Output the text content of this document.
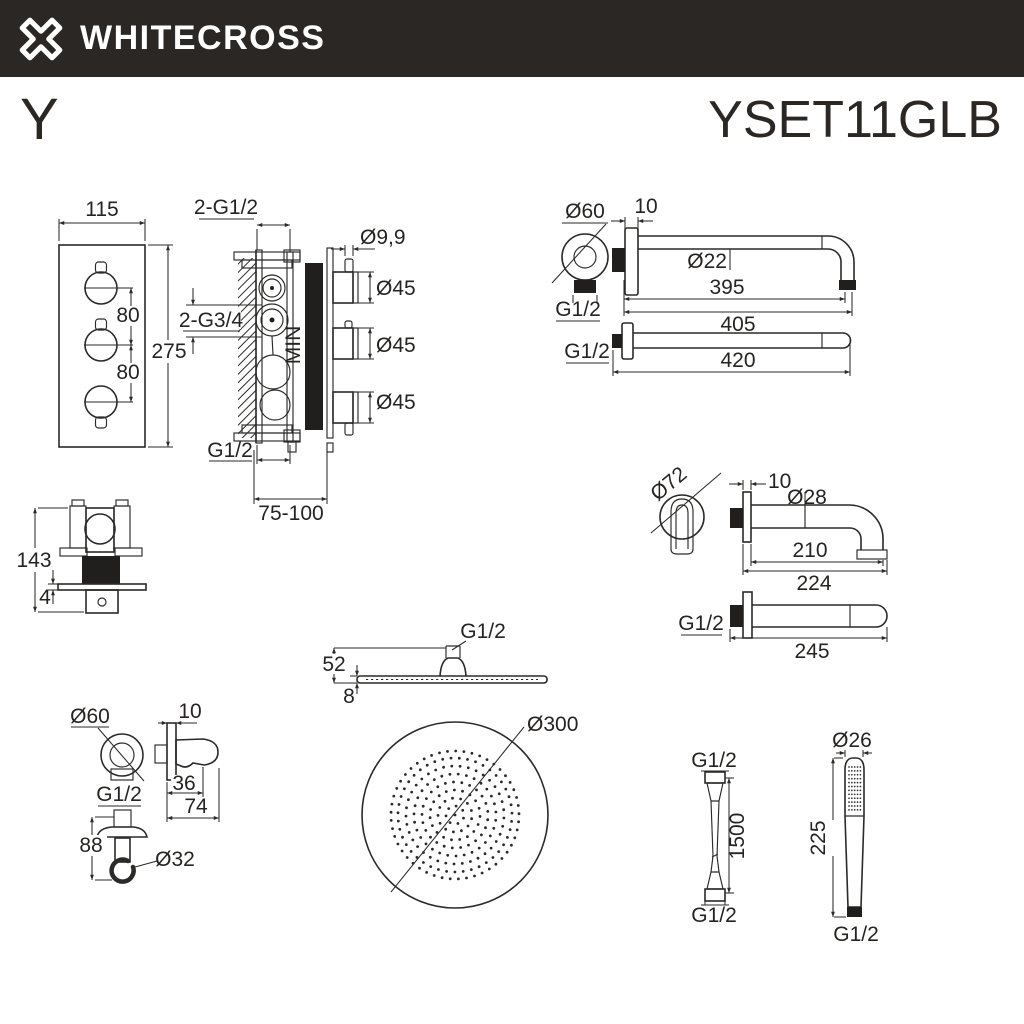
WHITECROSS
Y	YSET11GLB
115
275
80
80
MIN
2-G1/2
2-G3/4
G1/2
Ø9,9
Ø45
Ø45
Ø45
75-100
Ø60
G1/2
Ø22
10
395
405
G1/2	420
Ø72	Ø28
10
210
224
G1/2
245
143
4
Ø60
G1/2
88
Ø32
10
36
74
G1/2
52
8
Ø300
G1/2
1500
G1/2
Ø26
225
G1/2
